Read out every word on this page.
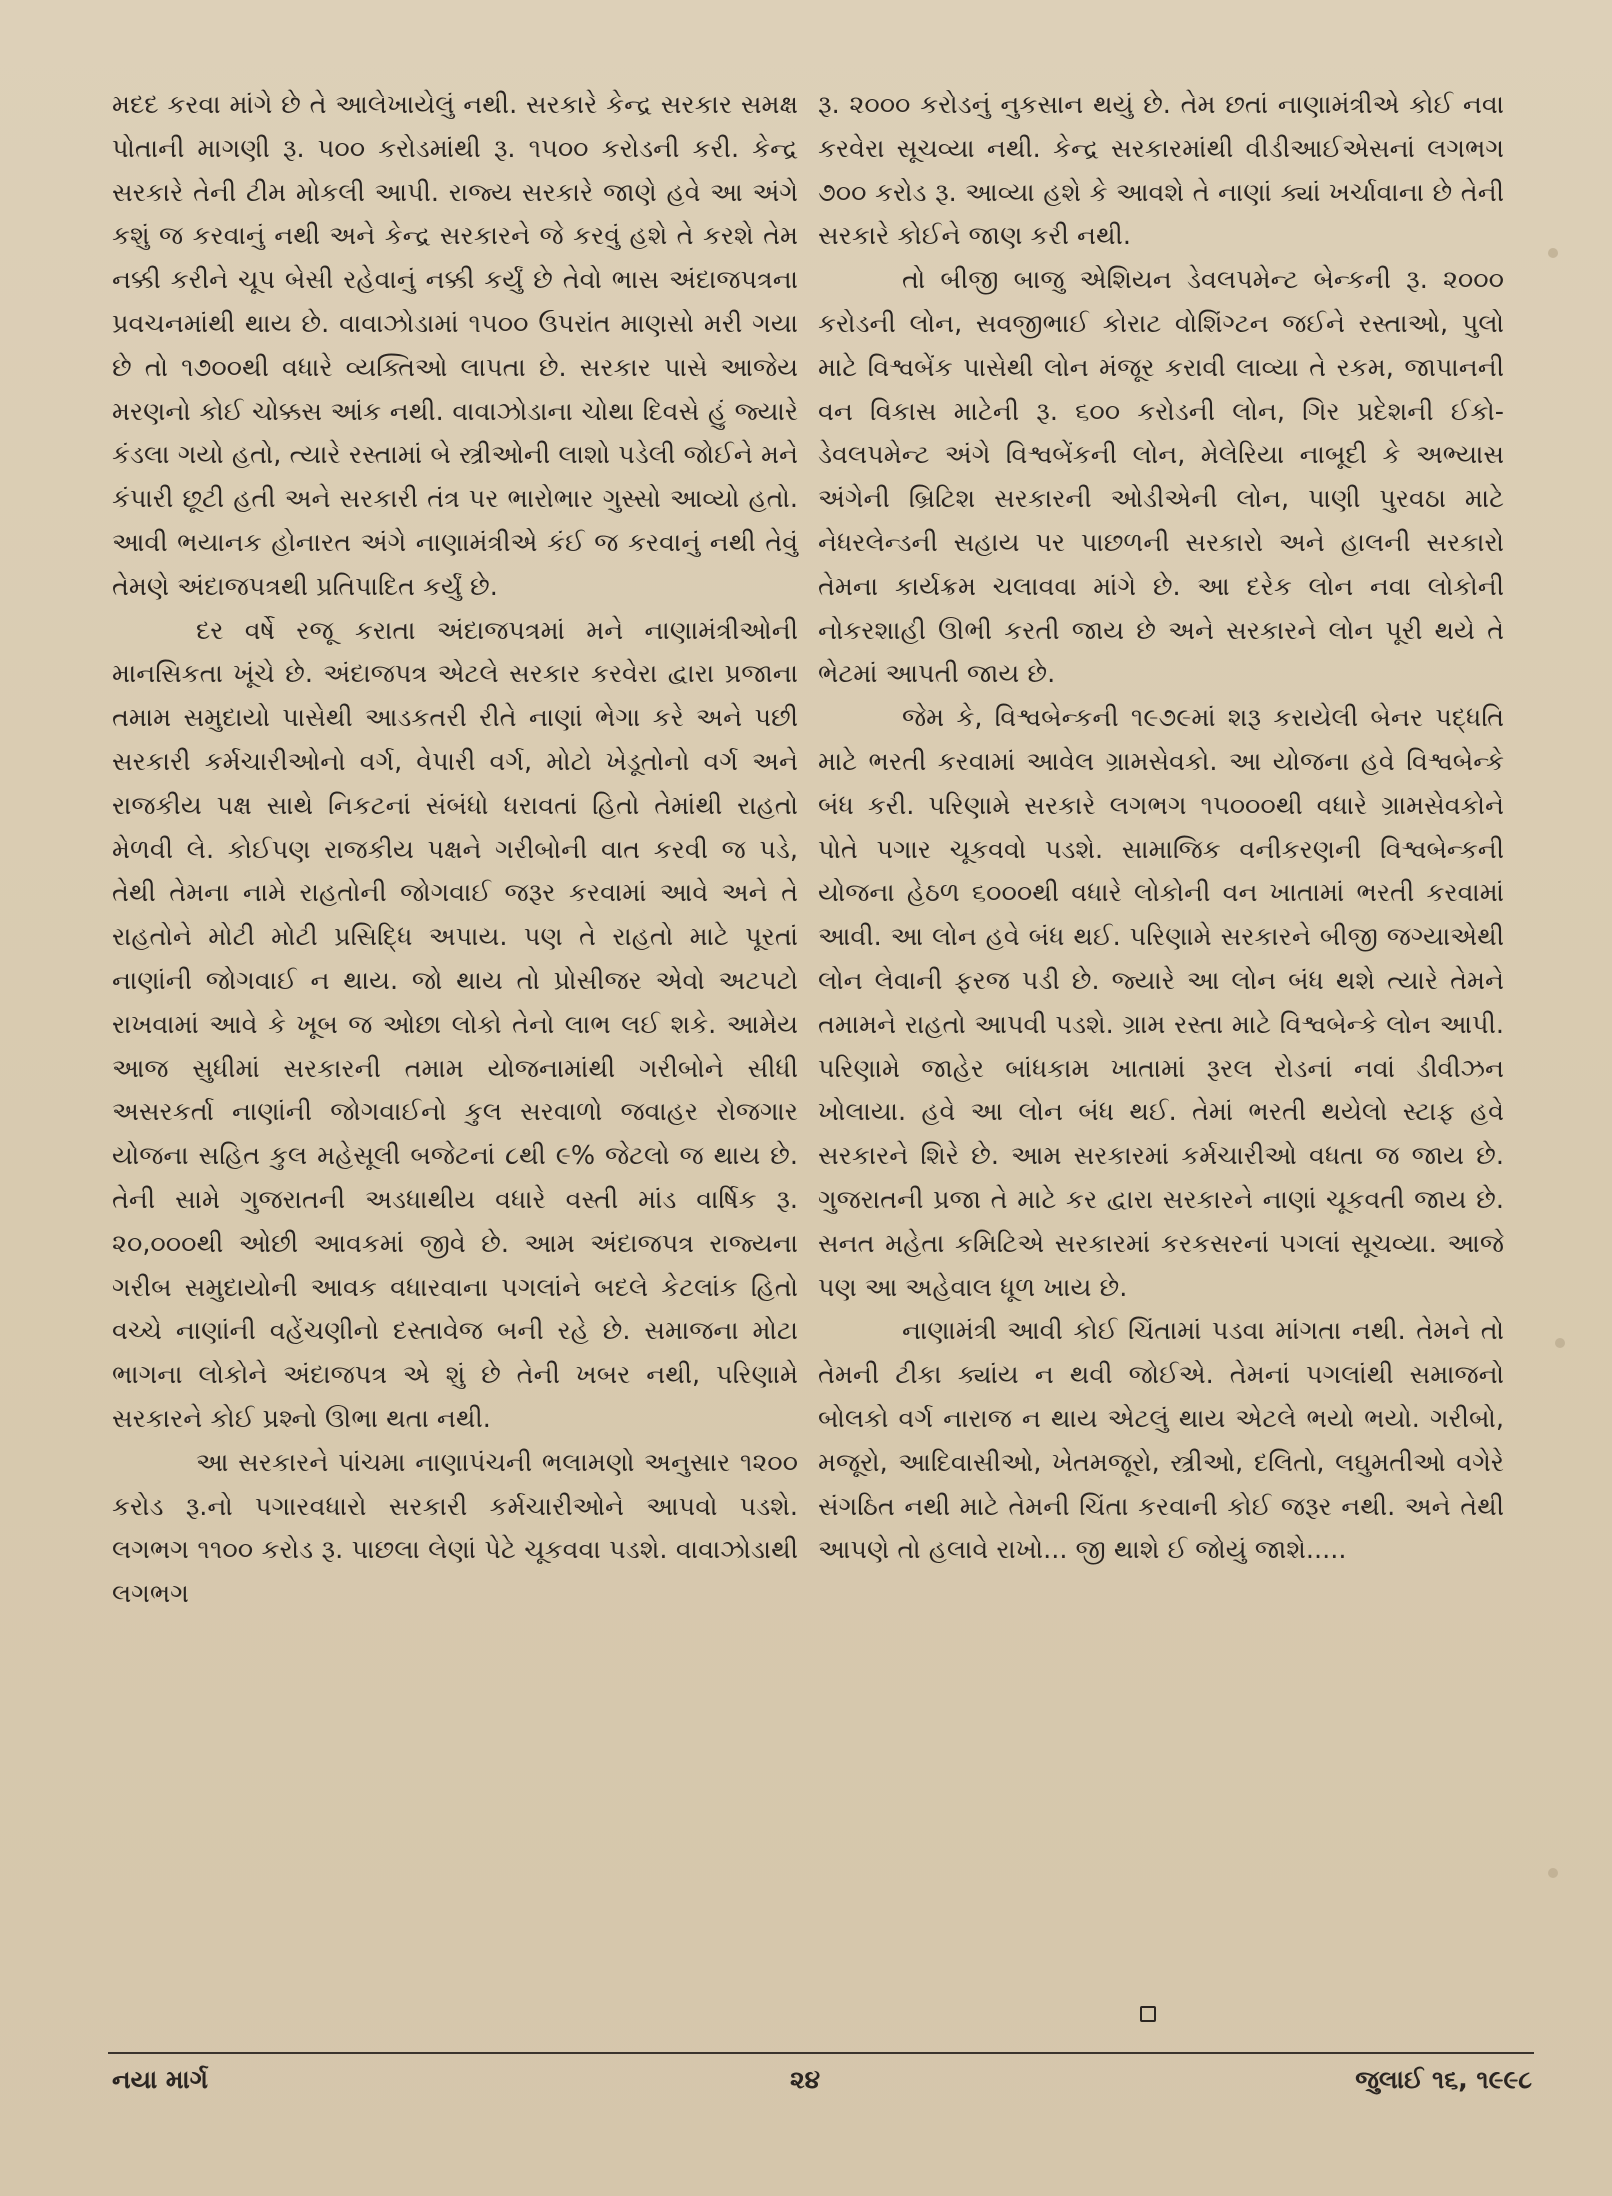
મદદ કરવા માંગે છે તે આલેખાયેલું નથી. સરકારે કેન્દ્ર સરકાર સમક્ષ પોતાની માગણી રૂ. ૫૦૦ કરોડમાંથી રૂ. ૧૫૦૦ કરોડની કરી. કેન્દ્ર સરકારે તેની ટીમ મોકલી આપી. રાજ્ય સરકારે જાણે હવે આ અંગે કશું જ કરવાનું નથી અને કેન્દ્ર સરકારને જે કરવું હશે તે કરશે તેમ નક્કી કરીને ચૂપ બેસી રહેવાનું નક્કી કર્યું છે તેવો ભાસ અંદાજપત્રના પ્રવચનમાંથી થાય છે. વાવાઝોડામાં ૧૫૦૦ ઉપરાંત માણસો મરી ગયા છે તો ૧૭૦૦થી વધારે વ્યક્તિઓ લાપતા છે. સરકાર પાસે આજેય મરણનો કોઈ ચોક્કસ આંક નથી. વાવાઝોડાના ચોથા દિવસે હું જ્યારે કંડલા ગયો હતો, ત્યારે રસ્તામાં બે સ્ત્રીઓની લાશો પડેલી જોઈને મને કંપારી છૂટી હતી અને સરકારી તંત્ર પર ભારોભાર ગુસ્સો આવ્યો હતો. આવી ભયાનક હોનારત અંગે નાણામંત્રીએ કંઈ જ કરવાનું નથી તેવું તેમણે અંદાજપત્રથી પ્રતિપાદિત કર્યું છે.

દર વર્ષે રજૂ કરાતા અંદાજપત્રમાં મને નાણામંત્રીઓની માનસિકતા ખૂંચે છે. અંદાજપત્ર એટલે સરકાર કરવેરા દ્વારા પ્રજાના તમામ સમુદાયો પાસેથી આડકતરી રીતે નાણાં ભેગા કરે અને પછી સરકારી કર્મચારીઓનો વર્ગ, વેપારી વર્ગ, મોટો ખેડૂતોનો વર્ગ અને રાજકીય પક્ષ સાથે નિકટનાં સંબંધો ધરાવતાં હિતો તેમાંથી રાહતો મેળવી લે. કોઈપણ રાજકીય પક્ષને ગરીબોની વાત કરવી જ પડે, તેથી તેમના નામે રાહતોની જોગવાઈ જરૂર કરવામાં આવે અને તે રાહતોને મોટી મોટી પ્રસિદ્ધિ અપાય. પણ તે રાહતો માટે પૂરતાં નાણાંની જોગવાઈ ન થાય. જો થાય તો પ્રોસીજર એવો અટપટો રાખવામાં આવે કે ખૂબ જ ઓછા લોકો તેનો લાભ લઈ શકે. આમેય આજ સુધીમાં સરકારની તમામ યોજનામાંથી ગરીબોને સીધી અસરકર્તા નાણાંની જોગવાઈનો કુલ સરવાળો જવાહર રોજગાર યોજના સહિત કુલ મહેસૂલી બજેટનાં ૮થી ૯% જેટલો જ થાય છે. તેની સામે ગુજરાતની અડધાથીય વધારે વસ્તી માંડ વાર્ષિક રૂ. ૨૦,૦૦૦થી ઓછી આવકમાં જીવે છે. આમ અંદાજપત્ર રાજ્યના ગરીબ સમુદાયોની આવક વધારવાના પગલાંને બદલે કેટલાંક હિતો વચ્ચે નાણાંની વહેંચણીનો દસ્તાવેજ બની રહે છે. સમાજના મોટા ભાગના લોકોને અંદાજપત્ર એ શું છે તેની ખબર નથી, પરિણામે સરકારને કોઈ પ્રશ્નો ઊભા થતા નથી.

આ સરકારને પાંચમા નાણાપંચની ભલામણો અનુસાર ૧૨૦૦ કરોડ રૂ.નો પગારવધારો સરકારી કર્મચારીઓને આપવો પડશે. લગભગ ૧૧૦૦ કરોડ રૂ. પાછલા લેણાં પેટે ચૂકવવા પડશે. વાવાઝોડાથી લગભગ

રૂ. ૨૦૦૦ કરોડનું નુકસાન થયું છે. તેમ છતાં નાણામંત્રીએ કોઈ નવા કરવેરા સૂચવ્યા નથી. કેન્દ્ર સરકારમાંથી વીડીઆઈએસનાં લગભગ ૭૦૦ કરોડ રૂ. આવ્યા હશે કે આવશે તે નાણાં ક્યાં ખર્ચાવાના છે તેની સરકારે કોઈને જાણ કરી નથી.

તો બીજી બાજુ એશિયન ડેવલપમેન્ટ બેન્કની રૂ. ૨૦૦૦ કરોડની લોન, સવજીભાઈ કોરાટ વોશિંગ્ટન જઈને રસ્તાઓ, પુલો માટે વિશ્વબેંક પાસેથી લોન મંજૂર કરાવી લાવ્યા તે રકમ, જાપાનની વન વિકાસ માટેની રૂ. ૬૦૦ કરોડની લોન, ગિર પ્રદેશની ઈકો-ડેવલપમેન્ટ અંગે વિશ્વબેંકની લોન, મેલેરિયા નાબૂદી કે અભ્યાસ અંગેની બ્રિટિશ સરકારની ઓડીએની લોન, પાણી પુરવઠા માટે નેધરલેન્ડની સહાય પર પાછળની સરકારો અને હાલની સરકારો તેમના કાર્યક્રમ ચલાવવા માંગે છે. આ દરેક લોન નવા લોકોની નોકરશાહી ઊભી કરતી જાય છે અને સરકારને લોન પૂરી થયે તે ભેટમાં આપતી જાય છે.

જેમ કે, વિશ્વબેન્કની ૧૯૭૯માં શરૂ કરાયેલી બેનર પદ્ધતિ માટે ભરતી કરવામાં આવેલ ગ્રામસેવકો. આ યોજના હવે વિશ્વબેન્કે બંધ કરી. પરિણામે સરકારે લગભગ ૧૫૦૦૦થી વધારે ગ્રામસેવકોને પોતે પગાર ચૂકવવો પડશે. સામાજિક વનીકરણની વિશ્વબેન્કની યોજના હેઠળ ૬૦૦૦થી વધારે લોકોની વન ખાતામાં ભરતી કરવામાં આવી. આ લોન હવે બંધ થઈ. પરિણામે સરકારને બીજી જગ્યાએથી લોન લેવાની ફરજ પડી છે. જ્યારે આ લોન બંધ થશે ત્યારે તેમને તમામને રાહતો આપવી પડશે. ગ્રામ રસ્તા માટે વિશ્વબેન્કે લોન આપી. પરિણામે જાહેર બાંધકામ ખાતામાં રૂરલ રોડનાં નવાં ડીવીઝન ખોલાયા. હવે આ લોન બંધ થઈ. તેમાં ભરતી થયેલો સ્ટાફ હવે સરકારને શિરે છે. આમ સરકારમાં કર્મચારીઓ વધતા જ જાય છે. ગુજરાતની પ્રજા તે માટે કર દ્વારા સરકારને નાણાં ચૂકવતી જાય છે. સનત મહેતા કમિટિએ સરકારમાં કરકસરનાં પગલાં સૂચવ્યા. આજે પણ આ અહેવાલ ધૂળ ખાય છે.

નાણામંત્રી આવી કોઈ ચિંતામાં પડવા માંગતા નથી. તેમને તો તેમની ટીકા ક્યાંય ન થવી જોઈએ. તેમનાં પગલાંથી સમાજનો બોલકો વર્ગ નારાજ ન થાય એટલું થાય એટલે ભયો ભયો. ગરીબો, મજૂરો, આદિવાસીઓ, ખેતમજૂરો, સ્ત્રીઓ, દલિતો, લઘુમતીઓ વગેરે સંગઠિત નથી માટે તેમની ચિંતા કરવાની કોઈ જરૂર નથી. અને તેથી આપણે તો હલાવે રાખો... જી થાશે ઈ જોયું જાશે.....

નયા માર્ગ	૨૪	જુલાઈ ૧૬, ૧૯૯૮
